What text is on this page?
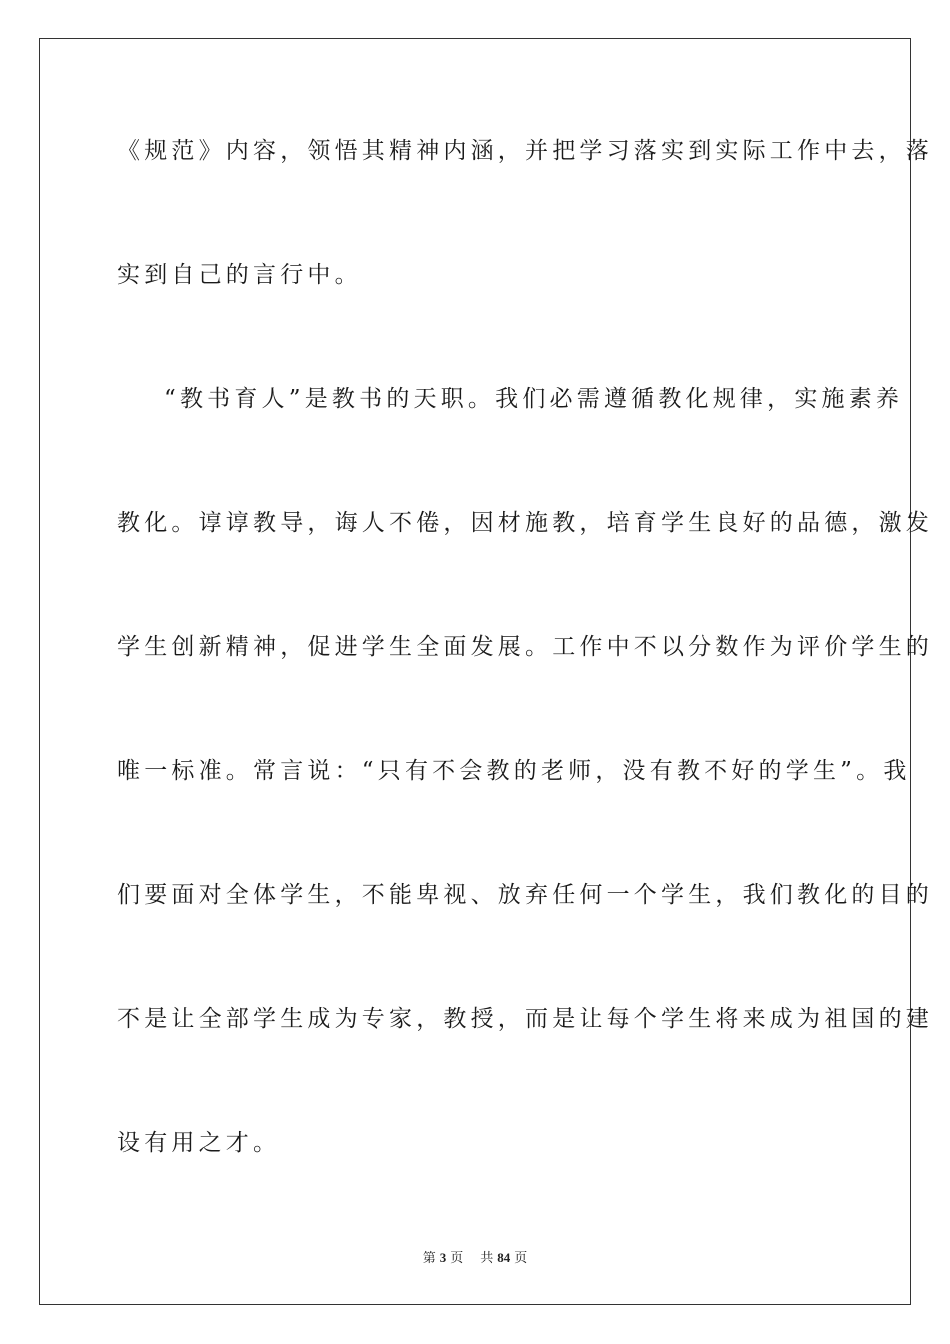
《规范》内容，领悟其精神内涵，并把学习落实到实际工作中去，落
实到自己的言行中。
“教书育人”是教书的天职。我们必需遵循教化规律，实施素养
教化。谆谆教导，诲人不倦，因材施教，培育学生良好的品德，激发
学生创新精神，促进学生全面发展。工作中不以分数作为评价学生的
唯一标准。常言说：“只有不会教的老师，没有教不好的学生”。我
们要面对全体学生，不能卑视、放弃任何一个学生，我们教化的目的
不是让全部学生成为专家，教授，而是让每个学生将来成为祖国的建
设有用之才。
第 3 页 共 84 页
